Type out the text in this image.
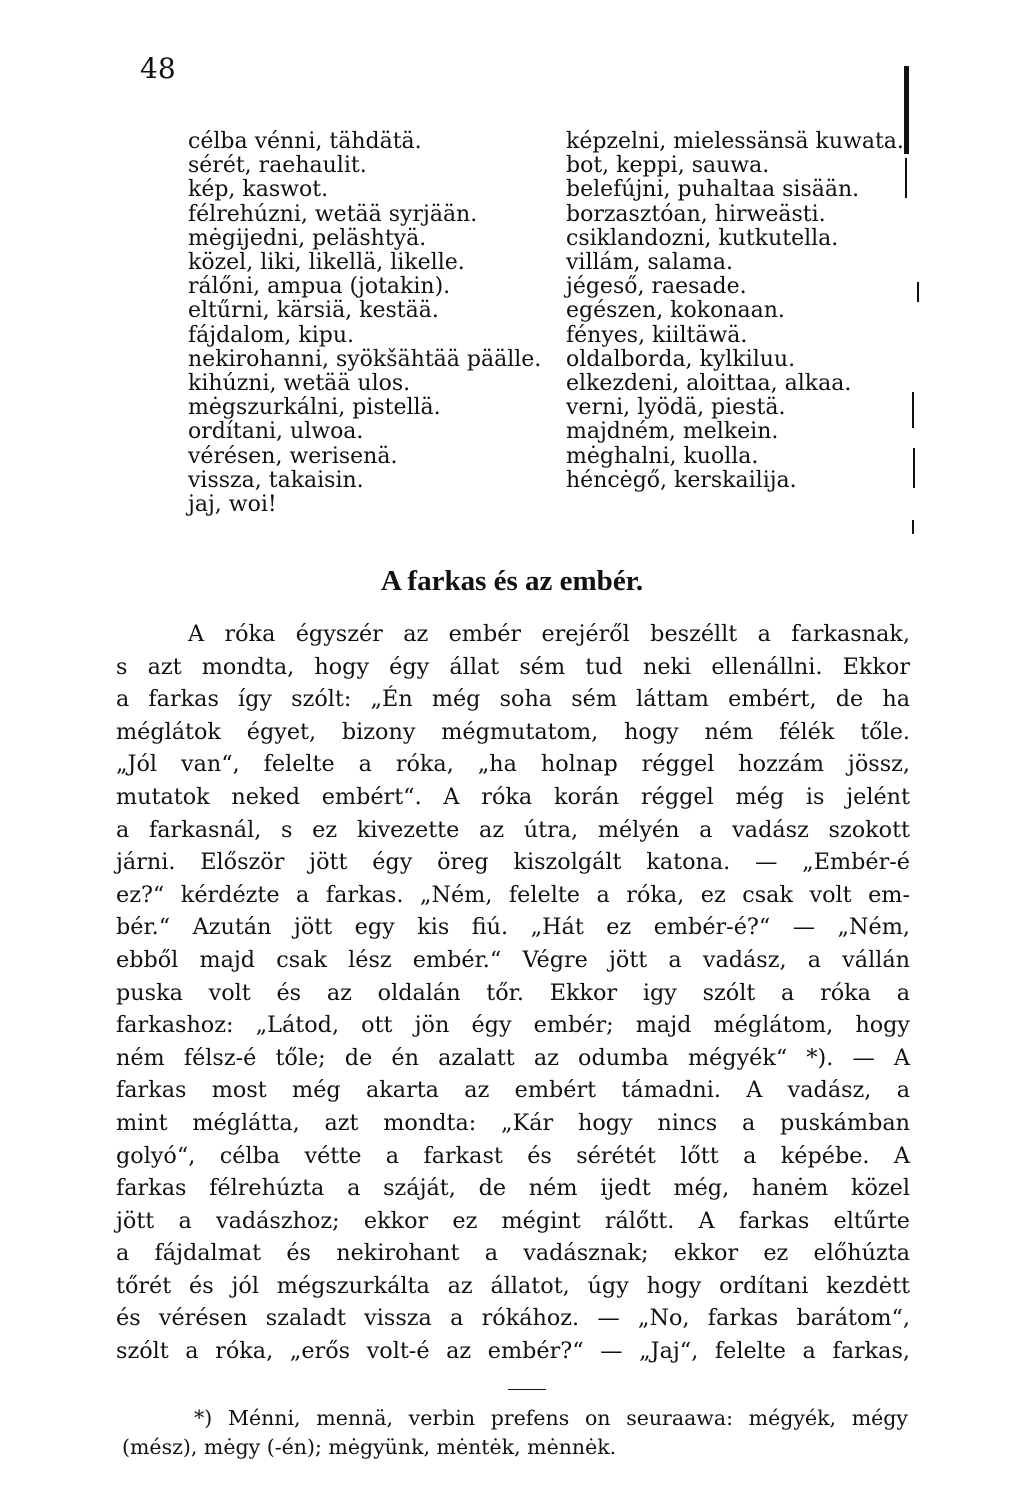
48
célba vénni, tähdätä.
sérét, raehaulit.
kép, kaswot.
félrehúzni, wetää syrjään.
mėgijedni, peläshtyä.
közel, liki, likellä, likelle.
rálőni, ampua (jotakin).
eltűrni, kärsiä, kestää.
fájdalom, kipu.
nekirohanni, syökšähtää päälle.
kihúzni, wetää ulos.
mėgszurkálni, pistellä.
ordítani, ulwoa.
vérésen, werisenä.
vissza, takaisin.
jaj, woi!
képzelni, mielessänsä kuwata.
bot, keppi, sauwa.
belefújni, puhaltaa sisään.
borzasztóan, hirweästi.
csiklandozni, kutkutella.
villám, salama.
jégeső, raesade.
egészen, kokonaan.
fényes, kiiltäwä.
oldalborda, kylkiluu.
elkezdeni, aloittaa, alkaa.
verni, lyödä, piestä.
majdném, melkein.
mėghalni, kuolla.
héncėgő, kerskailija.
A farkas és az embér.
A róka égyszér az embér erejéről beszéllt a farkasnak,
s azt mondta, hogy égy állat sém tud neki ellenállni. Ekkor
a farkas így szólt: „Én még soha sém láttam embért, de ha
méglátok égyet, bizony mégmutatom, hogy ném félék tőle.
„Jól van“, felelte a róka, „ha holnap réggel hozzám jössz,
mutatok neked embért“. A róka korán réggel még is jelént
a farkasnál, s ez kivezette az útra, mélyén a vadász szokott
járni. Először jött égy öreg kiszolgált katona. — „Embér-é
ez?“ kérdézte a farkas. „Ném, felelte a róka, ez csak volt em-
bér.“ Azután jött egy kis fiú. „Hát ez embér-é?“ — „Ném,
ebből majd csak lész embér.“ Végre jött a vadász, a vállán
puska volt és az oldalán tőr. Ekkor igy szólt a róka a
farkashoz: „Látod, ott jön égy embér; majd méglátom, hogy
ném félsz-é tőle; de én azalatt az odumba mégyék“ *). — A
farkas most még akarta az embért támadni. A vadász, a
mint méglátta, azt mondta: „Kár hogy nincs a puskámban
golyó“, célba vétte a farkast és sérétét lőtt a képébe. A
farkas félrehúzta a száját, de ném ijedt még, hanėm közel
jött a vadászhoz; ekkor ez mégint rálőtt. A farkas eltűrte
a fájdalmat és nekirohant a vadásznak; ekkor ez előhúzta
tőrét és jól mégszurkálta az állatot, úgy hogy ordítani kezdėtt
és vérésen szaladt vissza a rókához. — „No, farkas barátom“,
szólt a róka, „erős volt-é az embér?“ — „Jaj“, felelte a farkas,
*) Ménni, mennä, verbin prefens on seuraawa: mégyék, mégy
(mész), mėgy (-én); mėgyünk, mėntėk, mėnnėk.
